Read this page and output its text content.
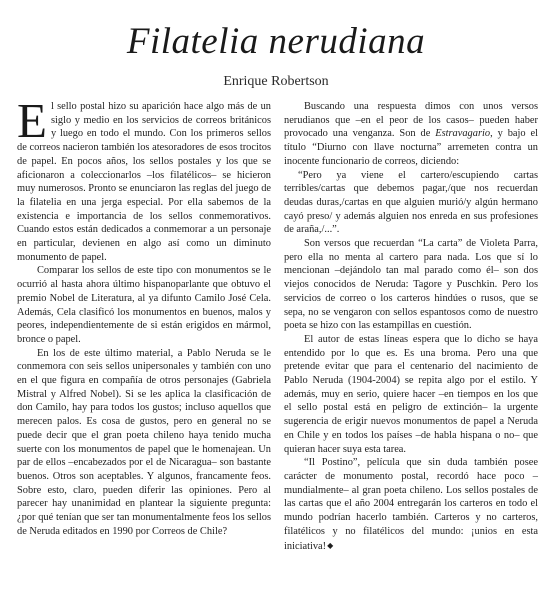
Filatelia nerudiana
Enrique Robertson

El sello postal hizo su aparición hace algo más de un siglo y medio en los servicios de correos británicos y luego en todo el mundo. Con los primeros sellos de correos nacieron también los atesoradores de esos trocitos de papel. En pocos años, los sellos postales y los que se aficionaron a coleccionarlos –los filatélicos– se hicieron muy numerosos. Pronto se enunciaron las reglas del juego de la filatelia en una jerga especial. Por ella sabemos de la existencia e importancia de los sellos conmemorativos. Cuando estos están dedicados a conmemorar a un personaje en particular, devienen en algo así como un diminuto monumento de papel.

Comparar los sellos de este tipo con monumentos se le ocurrió al hasta ahora último hispanoparlante que obtuvo el premio Nobel de Literatura, al ya difunto Camilo José Cela. Además, Cela clasificó los monumentos en buenos, malos y peores, independientemente de si están erigidos en mármol, bronce o papel.

En los de este último material, a Pablo Neruda se le conmemora con seis sellos unipersonales y también con uno en el que figura en compañía de otros personajes (Gabriela Mistral y Alfred Nobel). Si se les aplica la clasificación de don Camilo, hay para todos los gustos; incluso aquellos que merecen palos. Es cosa de gustos, pero en general no se puede decir que el gran poeta chileno haya tenido mucha suerte con los monumentos de papel que le homenajean. Un par de ellos –encabezados por el de Nicaragua– son bastante buenos. Otros son aceptables. Y algunos, francamente feos. Sobre esto, claro, pueden diferir las opiniones. Pero al parecer hay unanimidad en plantear la siguiente pregunta: ¿por qué tenían que ser tan monumentalmente feos los sellos de Neruda editados en 1990 por Correos de Chile?

Buscando una respuesta dimos con unos versos nerudianos que –en el peor de los casos– pueden haber provocado una venganza. Son de Estravagario, y bajo el título “Diurno con llave nocturna” arremeten contra un inocente funcionario de correos, diciendo:

“Pero ya viene el cartero/escupiendo cartas terribles/cartas que debemos pagar,/que nos recuerdan deudas duras,/cartas en que alguien murió/y algún hermano cayó preso/ y además alguien nos enreda en sus profesiones de araña,/...”.

Son versos que recuerdan “La carta” de Violeta Parra, pero ella no menta al cartero para nada. Los que sí lo mencionan –dejándolo tan mal parado como él– son dos viejos conocidos de Neruda: Tagore y Puschkin. Pero los servicios de correo o los carteros hindúes o rusos, que se sepa, no se vengaron con sellos espantosos como de nuestro poeta se hizo con las estampillas en cuestión.

El autor de estas líneas espera que lo dicho se haya entendido por lo que es. Es una broma. Pero una que pretende evitar que para el centenario del nacimiento de Pablo Neruda (1904-2004) se repita algo por el estilo. Y además, muy en serio, quiere hacer –en tiempos en los que el sello postal está en peligro de extinción– la urgente sugerencia de erigir nuevos monumentos de papel a Neruda en Chile y en todos los países –de habla hispana o no– que quieran hacer suya esta tarea.

“Il Postino”, película que sin duda también posee carácter de monumento postal, recordó hace poco –mundialmente– al gran poeta chileno. Los sellos postales de las cartas que el año 2004 entregarán los carteros en todo el mundo podrían hacerlo también. Carteros y no carteros, filatélicos y no filatélicos del mundo: ¡unios en esta iniciativa!◆
